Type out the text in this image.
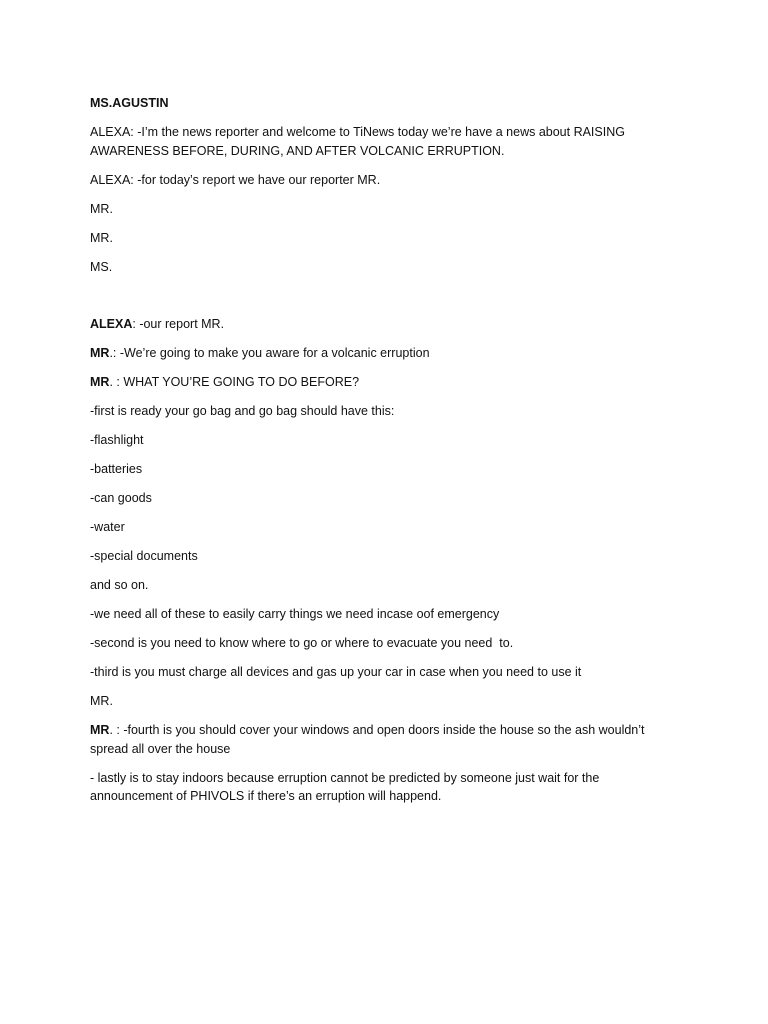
MS.AGUSTIN

ALEXA: -I’m the news reporter and welcome to TiNews today we’re have a news about RAISING AWARENESS BEFORE, DURING, AND AFTER VOLCANIC ERRUPTION.

ALEXA: -for today’s report we have our reporter MR.

MR.

MR.

MS.

ALEXA: -our report MR.

MR.: -We’re going to make you aware for a volcanic erruption

MR. : WHAT YOU’RE GOING TO DO BEFORE?

-first is ready your go bag and go bag should have this:

-flashlight

-batteries

-can goods

-water

-special documents

and so on.

-we need all of these to easily carry things we need incase oof emergency

-second is you need to know where to go or where to evacuate you need  to.

-third is you must charge all devices and gas up your car in case when you need to use it

MR.

MR. : -fourth is you should cover your windows and open doors inside the house so the ash wouldn’t spread all over the house

- lastly is to stay indoors because erruption cannot be predicted by someone just wait for the announcement of PHIVOLS if there’s an erruption will happend.
